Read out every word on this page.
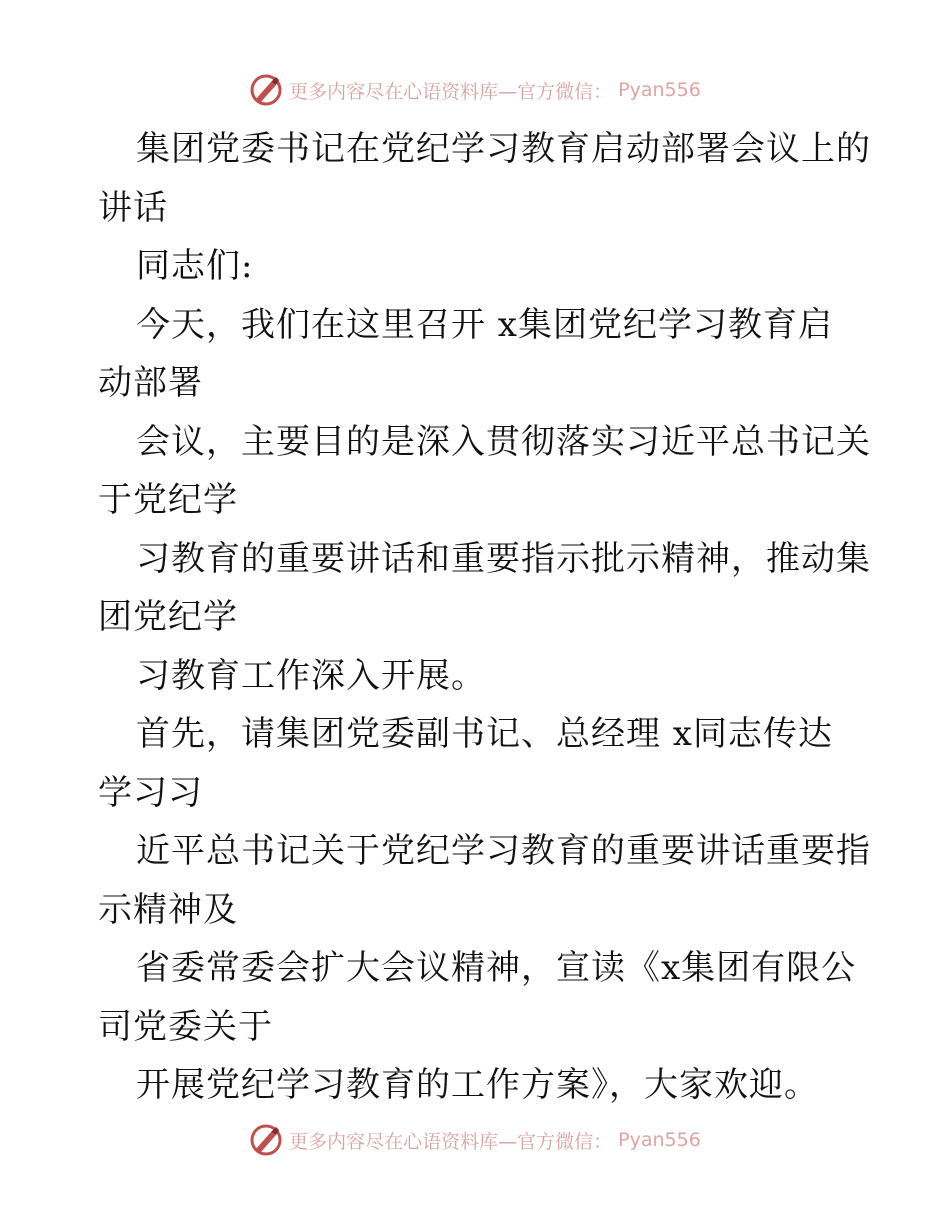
更多内容尽在心语资料库—官方微信： Pyan556
集团党委书记在党纪学习教育启动部署会议上的
讲话
同志们:
今天，我们在这里召开 x集团党纪学习教育启
动部署
会议，主要目的是深入贯彻落实习近平总书记关
于党纪学
习教育的重要讲话和重要指示批示精神，推动集
团党纪学
习教育工作深入开展。
首先，请集团党委副书记、总经理 x同志传达
学习习
近平总书记关于党纪学习教育的重要讲话重要指
示精神及
省委常委会扩大会议精神，宣读《x集团有限公
司党委关于
开展党纪学习教育的工作方案》，大家欢迎。
更多内容尽在心语资料库—官方微信： Pyan556
